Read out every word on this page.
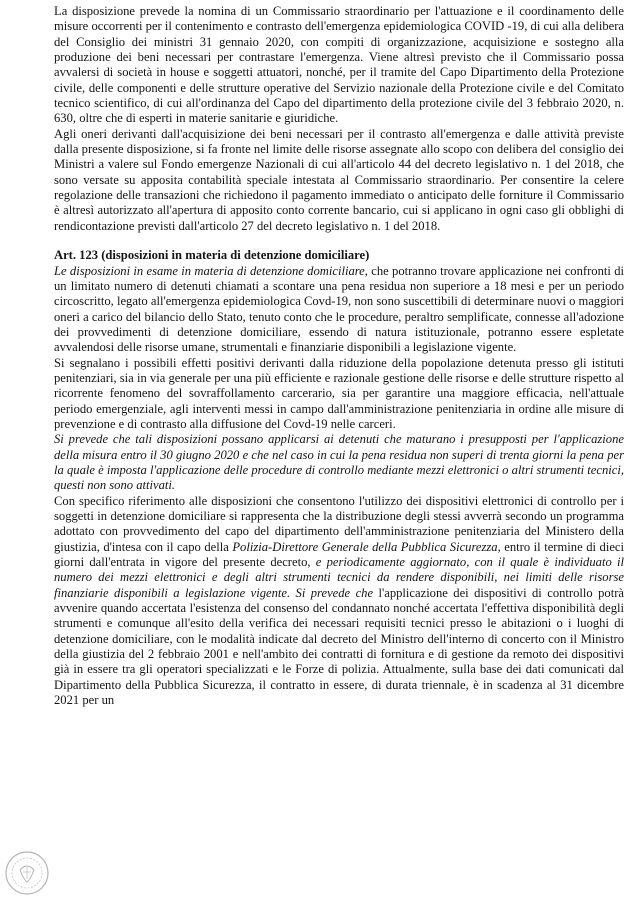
La disposizione prevede la nomina di un Commissario straordinario per l'attuazione e il coordinamento delle misure occorrenti per il contenimento e contrasto dell'emergenza epidemiologica COVID -19, di cui alla delibera del Consiglio dei ministri 31 gennaio 2020, con compiti di organizzazione, acquisizione e sostegno alla produzione dei beni necessari per contrastare l'emergenza. Viene altresì previsto che il Commissario possa avvalersi di società in house e soggetti attuatori, nonché, per il tramite del Capo Dipartimento della Protezione civile, delle componenti e delle strutture operative del Servizio nazionale della Protezione civile e del Comitato tecnico scientifico, di cui all'ordinanza del Capo del dipartimento della protezione civile del 3 febbraio 2020, n. 630, oltre che di esperti in materie sanitarie e giuridiche.

Agli oneri derivanti dall'acquisizione dei beni necessari per il contrasto all'emergenza e dalle attività previste dalla presente disposizione, si fa fronte nel limite delle risorse assegnate allo scopo con delibera del consiglio dei Ministri a valere sul Fondo emergenze Nazionali di cui all'articolo 44 del decreto legislativo n. 1 del 2018, che sono versate su apposita contabilità speciale intestata al Commissario straordinario. Per consentire la celere regolazione delle transazioni che richiedono il pagamento immediato o anticipato delle forniture il Commissario è altresì autorizzato all'apertura di apposito conto corrente bancario, cui si applicano in ogni caso gli obblighi di rendicontazione previsti dall'articolo 27 del decreto legislativo n. 1 del 2018.

Art. 123 (disposizioni in materia di detenzione domiciliare)

Le disposizioni in esame in materia di detenzione domiciliare, che potranno trovare applicazione nei confronti di un limitato numero di detenuti chiamati a scontare una pena residua non superiore a 18 mesi e per un periodo circoscritto, legato all'emergenza epidemiologica Covd-19, non sono suscettibili di determinare nuovi o maggiori oneri a carico del bilancio dello Stato, tenuto conto che le procedure, peraltro semplificate, connesse all'adozione dei provvedimenti di detenzione domiciliare, essendo di natura istituzionale, potranno essere espletate avvalendosi delle risorse umane, strumentali e finanziarie disponibili a legislazione vigente.

Si segnalano i possibili effetti positivi derivanti dalla riduzione della popolazione detenuta presso gli istituti penitenziari, sia in via generale per una più efficiente e razionale gestione delle risorse e delle strutture rispetto al ricorrente fenomeno del sovraffollamento carcerario, sia per garantire una maggiore efficacia, nell'attuale periodo emergenziale, agli interventi messi in campo dall'amministrazione penitenziaria in ordine alle misure di prevenzione e di contrasto alla diffusione del Covd-19 nelle carceri.

Si prevede che tali disposizioni possano applicarsi ai detenuti che maturano i presupposti per l'applicazione della misura entro il 30 giugno 2020 e che nel caso in cui la pena residua non superi di trenta giorni la pena per la quale è imposta l'applicazione delle procedure di controllo mediante mezzi elettronici o altri strumenti tecnici, questi non sono attivati.

Con specifico riferimento alle disposizioni che consentono l'utilizzo dei dispositivi elettronici di controllo per i soggetti in detenzione domiciliare si rappresenta che la distribuzione degli stessi avverrà secondo un programma adottato con provvedimento del capo del dipartimento dell'amministrazione penitenziaria del Ministero della giustizia, d'intesa con il capo della Polizia-Direttore Generale della Pubblica Sicurezza, entro il termine di dieci giorni dall'entrata in vigore del presente decreto, e periodicamente aggiornato, con il quale è individuato il numero dei mezzi elettronici e degli altri strumenti tecnici da rendere disponibili, nei limiti delle risorse finanziarie disponibili a legislazione vigente. Si prevede che l'applicazione dei dispositivi di controllo potrà avvenire quando accertata l'esistenza del consenso del condannato nonché accertata l'effettiva disponibilità degli strumenti e comunque all'esito della verifica dei necessari requisiti tecnici presso le abitazioni o i luoghi di detenzione domiciliare, con le modalità indicate dal decreto del Ministro dell'interno di concerto con il Ministro della giustizia del 2 febbraio 2001 e nell'ambito dei contratti di fornitura e di gestione da remoto dei dispositivi già in essere tra gli operatori specializzati e le Forze di polizia. Attualmente, sulla base dei dati comunicati dal Dipartimento della Pubblica Sicurezza, il contratto in essere, di durata triennale, è in scadenza al 31 dicembre 2021 per un
